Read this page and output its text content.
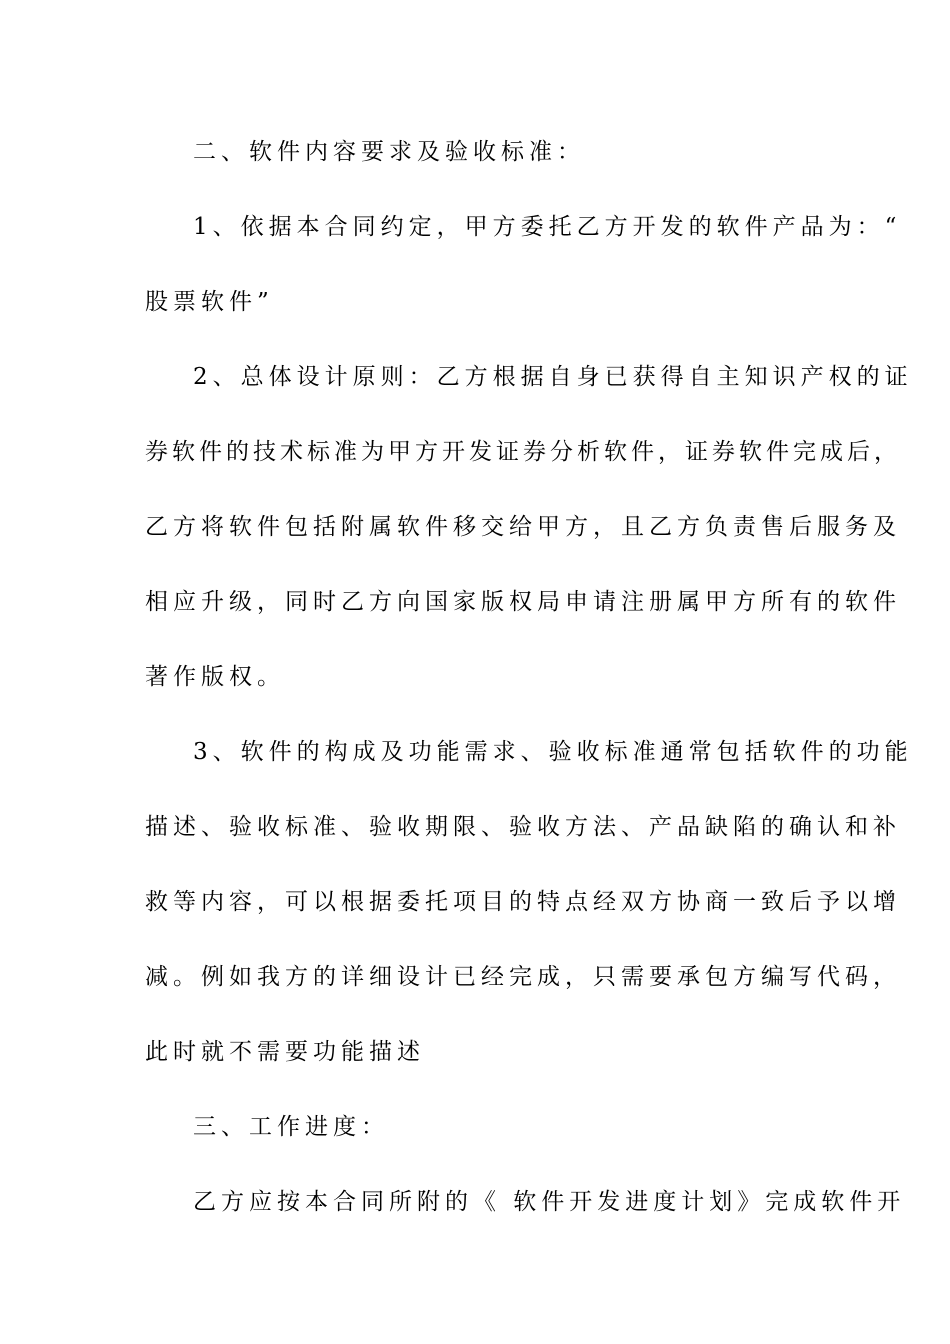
二、软件内容要求及验收标准：
1、依据本合同约定，甲方委托乙方开发的软件产品为：“
股票软件”
2、总体设计原则：乙方根据自身已获得自主知识产权的证
券软件的技术标准为甲方开发证券分析软件，证券软件完成后，
乙方将软件包括附属软件移交给甲方，且乙方负责售后服务及
相应升级，同时乙方向国家版权局申请注册属甲方所有的软件
著作版权。
3、软件的构成及功能需求、验收标准通常包括软件的功能
描述、验收标准、验收期限、验收方法、产品缺陷的确认和补
救等内容，可以根据委托项目的特点经双方协商一致后予以增
减。例如我方的详细设计已经完成，只需要承包方编写代码，
此时就不需要功能描述
三、工作进度：
乙方应按本合同所附的《 软件开发进度计划》完成软件开
